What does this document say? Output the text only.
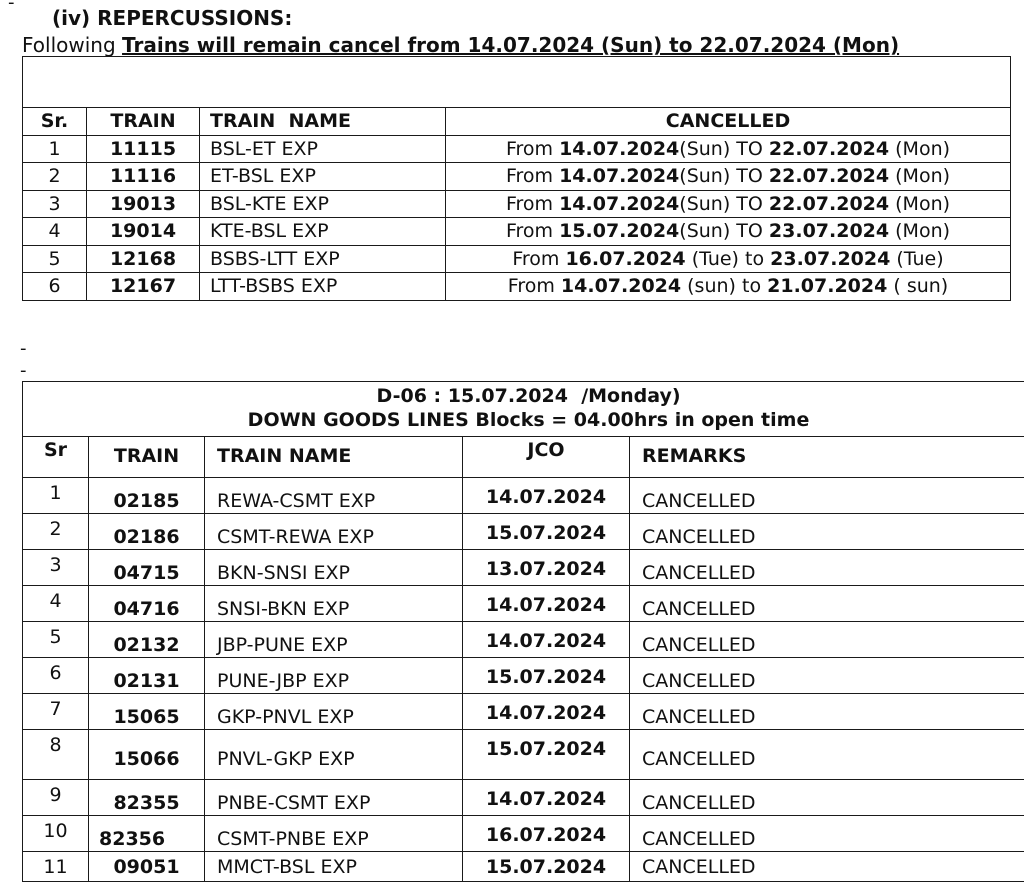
-
-
-
(iv) REPERCUSSIONS:
Following Trains will remain cancel from 14.07.2024 (Sun) to 22.07.2024 (Mon)

Sr.	TRAIN	TRAIN  NAME	CANCELLED
1	11115	BSL-ET EXP	From 14.07.2024(Sun) TO 22.07.2024 (Mon)
2	11116	ET-BSL EXP	From 14.07.2024(Sun) TO 22.07.2024 (Mon)
3	19013	BSL-KTE EXP	From 14.07.2024(Sun) TO 22.07.2024 (Mon)
4	19014	KTE-BSL EXP	From 15.07.2024(Sun) TO 23.07.2024 (Mon)
5	12168	BSBS-LTT EXP	From 16.07.2024 (Tue) to 23.07.2024 (Tue)
6	12167	LTT-BSBS EXP	From 14.07.2024 (sun) to 21.07.2024 ( sun)
D-06 : 15.07.2024  /Monday)
DOWN GOODS LINES Blocks = 04.00hrs in open time				

Sr	TRAIN	TRAIN NAME	JCO	REMARKS
1	02185	REWA-CSMT EXP	14.07.2024	CANCELLED
2	02186	CSMT-REWA EXP	15.07.2024	CANCELLED
3	04715	BKN-SNSI EXP	13.07.2024	CANCELLED
4	04716	SNSI-BKN EXP	14.07.2024	CANCELLED
5	02132	JBP-PUNE EXP	14.07.2024	CANCELLED
6	02131	PUNE-JBP EXP	15.07.2024	CANCELLED
7	15065	GKP-PNVL EXP	14.07.2024	CANCELLED
8	15066	PNVL-GKP EXP	15.07.2024	CANCELLED
9	82355	PNBE-CSMT EXP	14.07.2024	CANCELLED
10	82356	CSMT-PNBE EXP	16.07.2024	CANCELLED
11	09051	MMCT-BSL EXP	15.07.2024	CANCELLED
